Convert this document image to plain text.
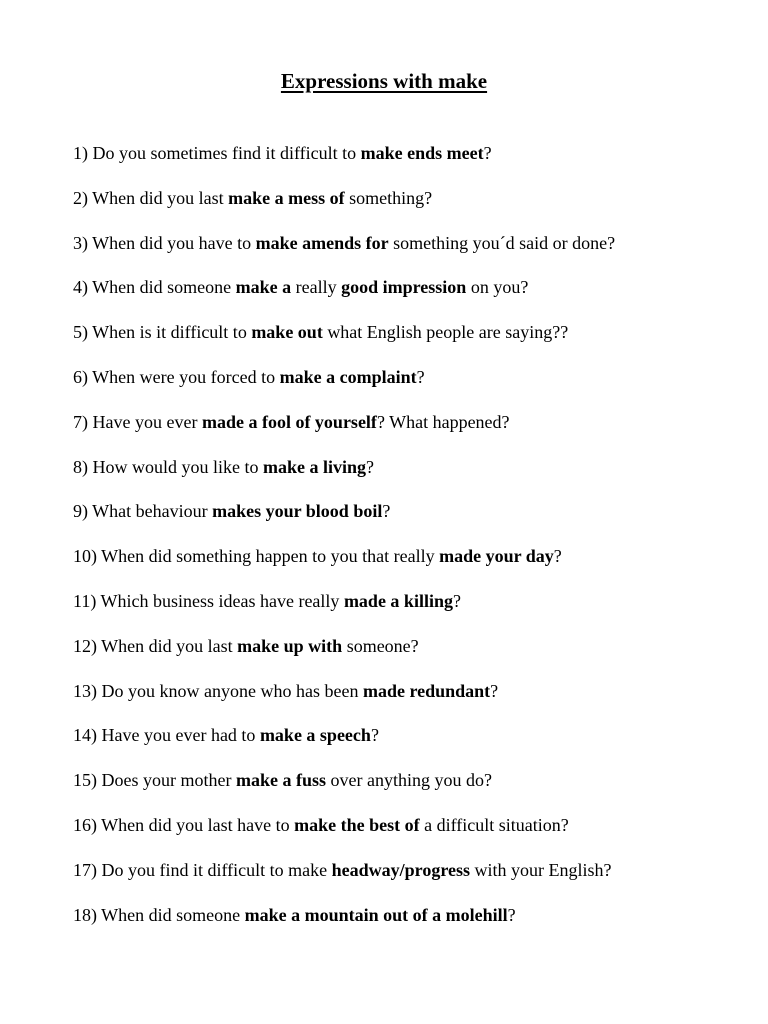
Expressions with make
1) Do you sometimes find it difficult to make ends meet?
2) When did you last make a mess of something?
3) When did you have to make amends for something you´d said or done?
4) When did someone make a really good impression on you?
5) When is it difficult to make out what English people are saying??
6) When were you forced to make a complaint?
7) Have you ever made a fool of yourself? What happened?
8) How would you like to make a living?
9) What behaviour makes your blood boil?
10) When did something happen to you that really made your day?
11) Which business ideas have really made a killing?
12) When did you last make up with someone?
13) Do you know anyone who has been made redundant?
14) Have you ever had to make a speech?
15) Does your mother make a fuss over anything you do?
16) When did you last have to make the best of a difficult situation?
17) Do you find it difficult to make headway/progress with your English?
18) When did someone make a mountain out of a molehill?
